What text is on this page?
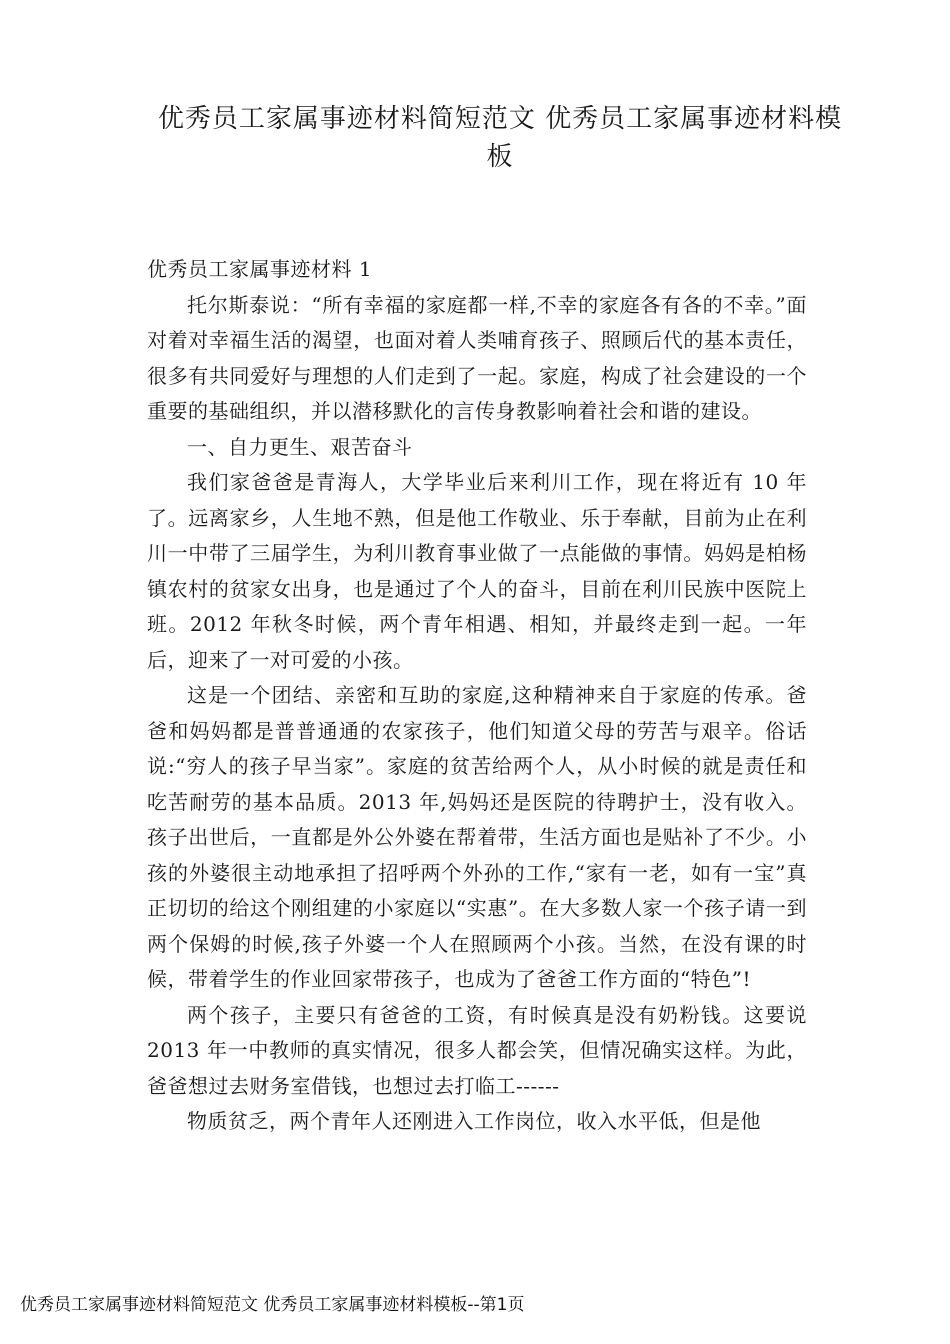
优秀员工家属事迹材料简短范文 优秀员工家属事迹材料模板

优秀员工家属事迹材料 1

托尔斯泰说：“所有幸福的家庭都一样,不幸的家庭各有各的不幸。”面对着对幸福生活的渴望，也面对着人类哺育孩子、照顾后代的基本责任，很多有共同爱好与理想的人们走到了一起。家庭，构成了社会建设的一个重要的基础组织，并以潜移默化的言传身教影响着社会和谐的建设。

一、自力更生、艰苦奋斗

我们家爸爸是青海人，大学毕业后来利川工作，现在将近有 10 年了。远离家乡，人生地不熟，但是他工作敬业、乐于奉献，目前为止在利川一中带了三届学生，为利川教育事业做了一点能做的事情。妈妈是柏杨镇农村的贫家女出身，也是通过了个人的奋斗，目前在利川民族中医院上班。2012 年秋冬时候，两个青年相遇、相知，并最终走到一起。一年后，迎来了一对可爱的小孩。

这是一个团结、亲密和互助的家庭,这种精神来自于家庭的传承。爸爸和妈妈都是普普通通的农家孩子，他们知道父母的劳苦与艰辛。俗话说:“穷人的孩子早当家”。家庭的贫苦给两个人，从小时候的就是责任和吃苦耐劳的基本品质。2013 年,妈妈还是医院的待聘护士，没有收入。孩子出世后，一直都是外公外婆在帮着带，生活方面也是贴补了不少。小孩的外婆很主动地承担了招呼两个外孙的工作,“家有一老，如有一宝”真正切切的给这个刚组建的小家庭以“实惠”。在大多数人家一个孩子请一到两个保姆的时候,孩子外婆一个人在照顾两个小孩。当然，在没有课的时候，带着学生的作业回家带孩子，也成为了爸爸工作方面的“特色”!

两个孩子，主要只有爸爸的工资，有时候真是没有奶粉钱。这要说 2013 年一中教师的真实情况，很多人都会笑，但情况确实这样。为此，爸爸想过去财务室借钱，也想过去打临工------

物质贫乏，两个青年人还刚进入工作岗位，收入水平低，但是他

优秀员工家属事迹材料简短范文 优秀员工家属事迹材料模板--第1页
